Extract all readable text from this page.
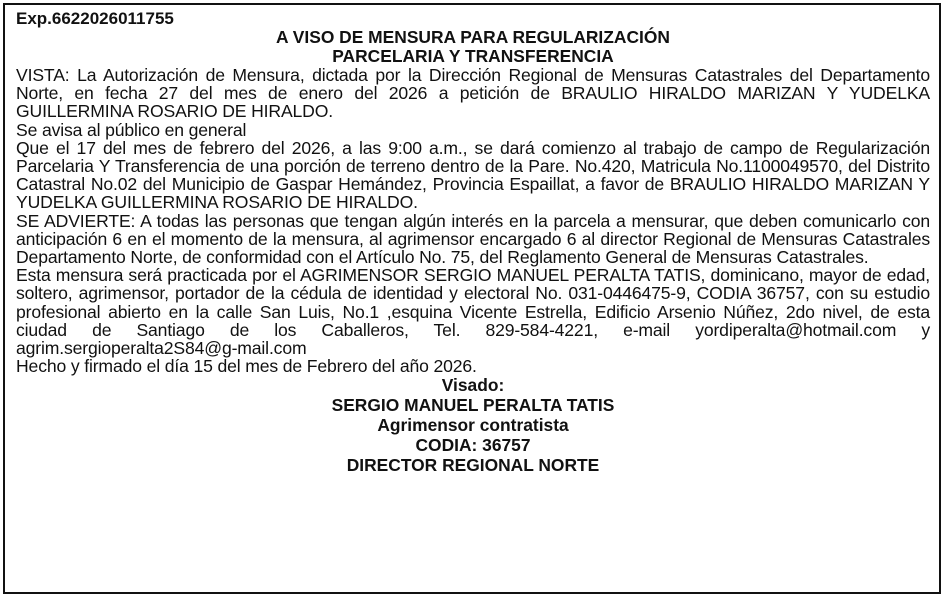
Exp.6622026011755

A VISO DE MENSURA PARA REGULARIZACIÓN

PARCELARIA Y TRANSFERENCIA

VISTA: La Autorización de Mensura, dictada por la Dirección Regional de Mensuras Catastrales del Departamento Norte, en fecha 27 del mes de enero del 2026 a petición de BRAULIO HIRALDO MARIZAN Y YUDELKA GUILLERMINA ROSARIO DE HIRALDO.

Se avisa al público en general

Que el 17 del mes de febrero del 2026, a las 9:00 a.m., se dará comienzo al trabajo de campo de Regularización Parcelaria Y Transferencia de una porción de terreno dentro de la Pare. No.420, Matricula No.1100049570, del Distrito Catastral No.02 del Municipio de Gaspar Hemández, Provincia Espaillat, a favor de BRAULIO HIRALDO MARIZAN Y YUDELKA GUILLERMINA ROSARIO DE HIRALDO.

SE ADVIERTE: A todas las personas que tengan algún interés en la parcela a mensurar, que deben comunicarlo con anticipación 6 en el momento de la mensura, al agrimensor encargado 6 al director Regional de Mensuras Catastrales Departamento Norte, de conformidad con el Artículo No. 75, del Reglamento General de Mensuras Catastrales.

Esta mensura será practicada por el AGRIMENSOR SERGIO MANUEL PERALTA TATIS, dominicano, mayor de edad, soltero, agrimensor, portador de la cédula de identidad y electoral No. 031-0446475-9, CODIA 36757, con su estudio profesional abierto en la calle San Luis, No.1 ,esquina Vicente Estrella, Edificio Arsenio Núñez, 2do nivel, de esta ciudad de Santiago de los Caballeros, Tel. 829-584-4221, e-mail yordiperalta@hotmail.com y agrim.sergioperalta2S84@g-mail.com

Hecho y firmado el día 15 del mes de Febrero del año 2026.

Visado:

SERGIO MANUEL PERALTA TATIS

Agrimensor contratista

CODIA: 36757

DIRECTOR REGIONAL NORTE
